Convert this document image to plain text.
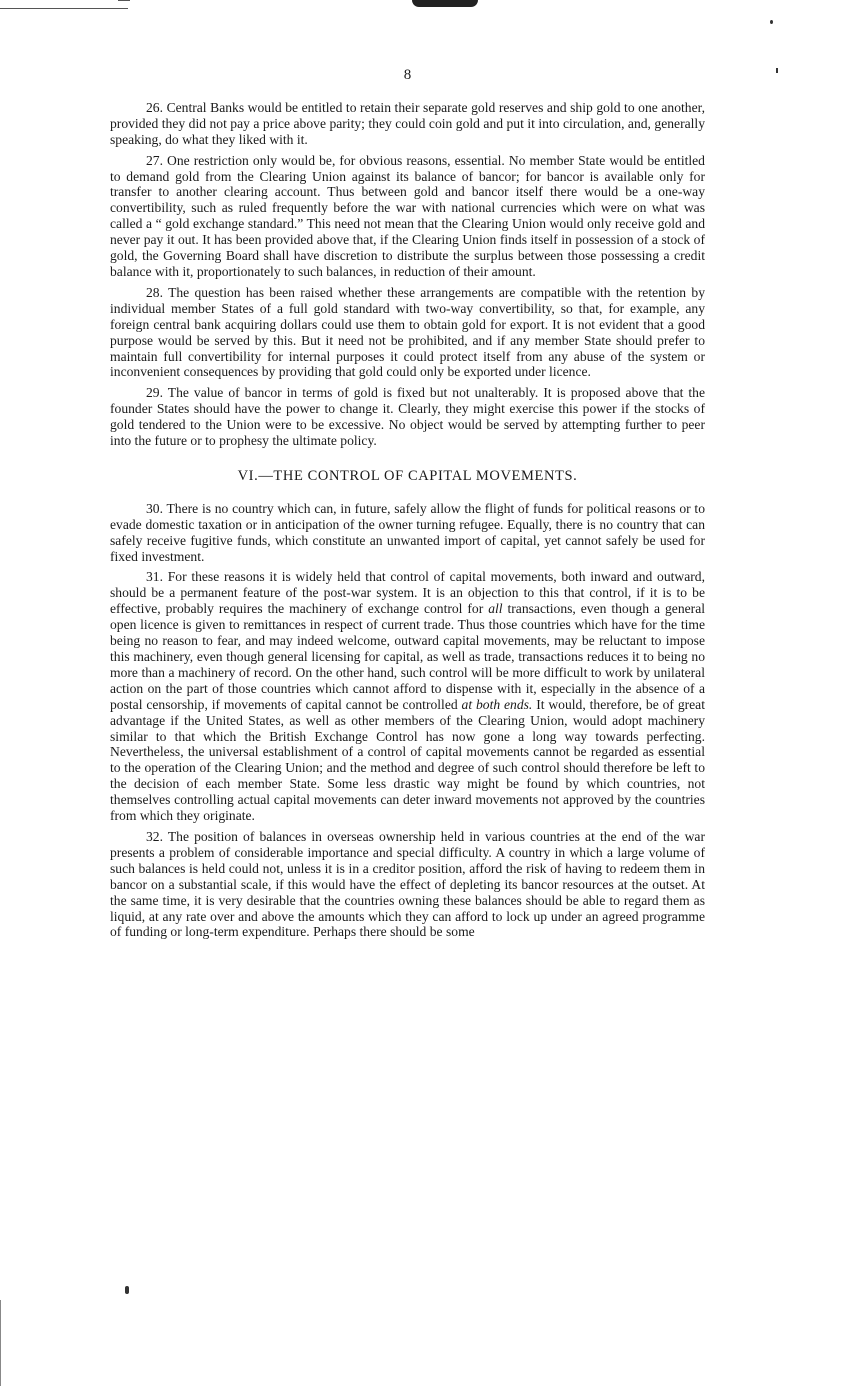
8

26. Central Banks would be entitled to retain their separate gold reserves and ship gold to one another, provided they did not pay a price above parity; they could coin gold and put it into circulation, and, generally speaking, do what they liked with it.

27. One restriction only would be, for obvious reasons, essential. No member State would be entitled to demand gold from the Clearing Union against its balance of bancor; for bancor is available only for transfer to another clearing account. Thus between gold and bancor itself there would be a one-way convertibility, such as ruled frequently before the war with national currencies which were on what was called a “ gold exchange standard.” This need not mean that the Clearing Union would only receive gold and never pay it out. It has been provided above that, if the Clearing Union finds itself in possession of a stock of gold, the Governing Board shall have discretion to distribute the surplus between those possessing a credit balance with it, proportionately to such balances, in reduction of their amount.

28. The question has been raised whether these arrangements are compatible with the retention by individual member States of a full gold standard with two-way convertibility, so that, for example, any foreign central bank acquiring dollars could use them to obtain gold for export. It is not evident that a good purpose would be served by this. But it need not be prohibited, and if any member State should prefer to maintain full convertibility for internal purposes it could protect itself from any abuse of the system or inconvenient consequences by providing that gold could only be exported under licence.

29. The value of bancor in terms of gold is fixed but not unalterably. It is proposed above that the founder States should have the power to change it. Clearly, they might exercise this power if the stocks of gold tendered to the Union were to be excessive. No object would be served by attempting further to peer into the future or to prophesy the ultimate policy.

VI.—THE CONTROL OF CAPITAL MOVEMENTS.

30. There is no country which can, in future, safely allow the flight of funds for political reasons or to evade domestic taxation or in anticipation of the owner turning refugee. Equally, there is no country that can safely receive fugitive funds, which constitute an unwanted import of capital, yet cannot safely be used for fixed investment.

31. For these reasons it is widely held that control of capital movements, both inward and outward, should be a permanent feature of the post-war system. It is an objection to this that control, if it is to be effective, probably requires the machinery of exchange control for all transactions, even though a general open licence is given to remittances in respect of current trade. Thus those countries which have for the time being no reason to fear, and may indeed welcome, outward capital movements, may be reluctant to impose this machinery, even though general licensing for capital, as well as trade, transactions reduces it to being no more than a machinery of record. On the other hand, such control will be more difficult to work by unilateral action on the part of those countries which cannot afford to dispense with it, especially in the absence of a postal censorship, if movements of capital cannot be controlled at both ends. It would, therefore, be of great advantage if the United States, as well as other members of the Clearing Union, would adopt machinery similar to that which the British Exchange Control has now gone a long way towards perfecting. Nevertheless, the universal establishment of a control of capital movements cannot be regarded as essential to the operation of the Clearing Union; and the method and degree of such control should therefore be left to the decision of each member State. Some less drastic way might be found by which countries, not themselves controlling actual capital movements can deter inward movements not approved by the countries from which they originate.

32. The position of balances in overseas ownership held in various countries at the end of the war presents a problem of considerable importance and special difficulty. A country in which a large volume of such balances is held could not, unless it is in a creditor position, afford the risk of having to redeem them in bancor on a substantial scale, if this would have the effect of depleting its bancor resources at the outset. At the same time, it is very desirable that the countries owning these balances should be able to regard them as liquid, at any rate over and above the amounts which they can afford to lock up under an agreed programme of funding or long-term expenditure. Perhaps there should be some
